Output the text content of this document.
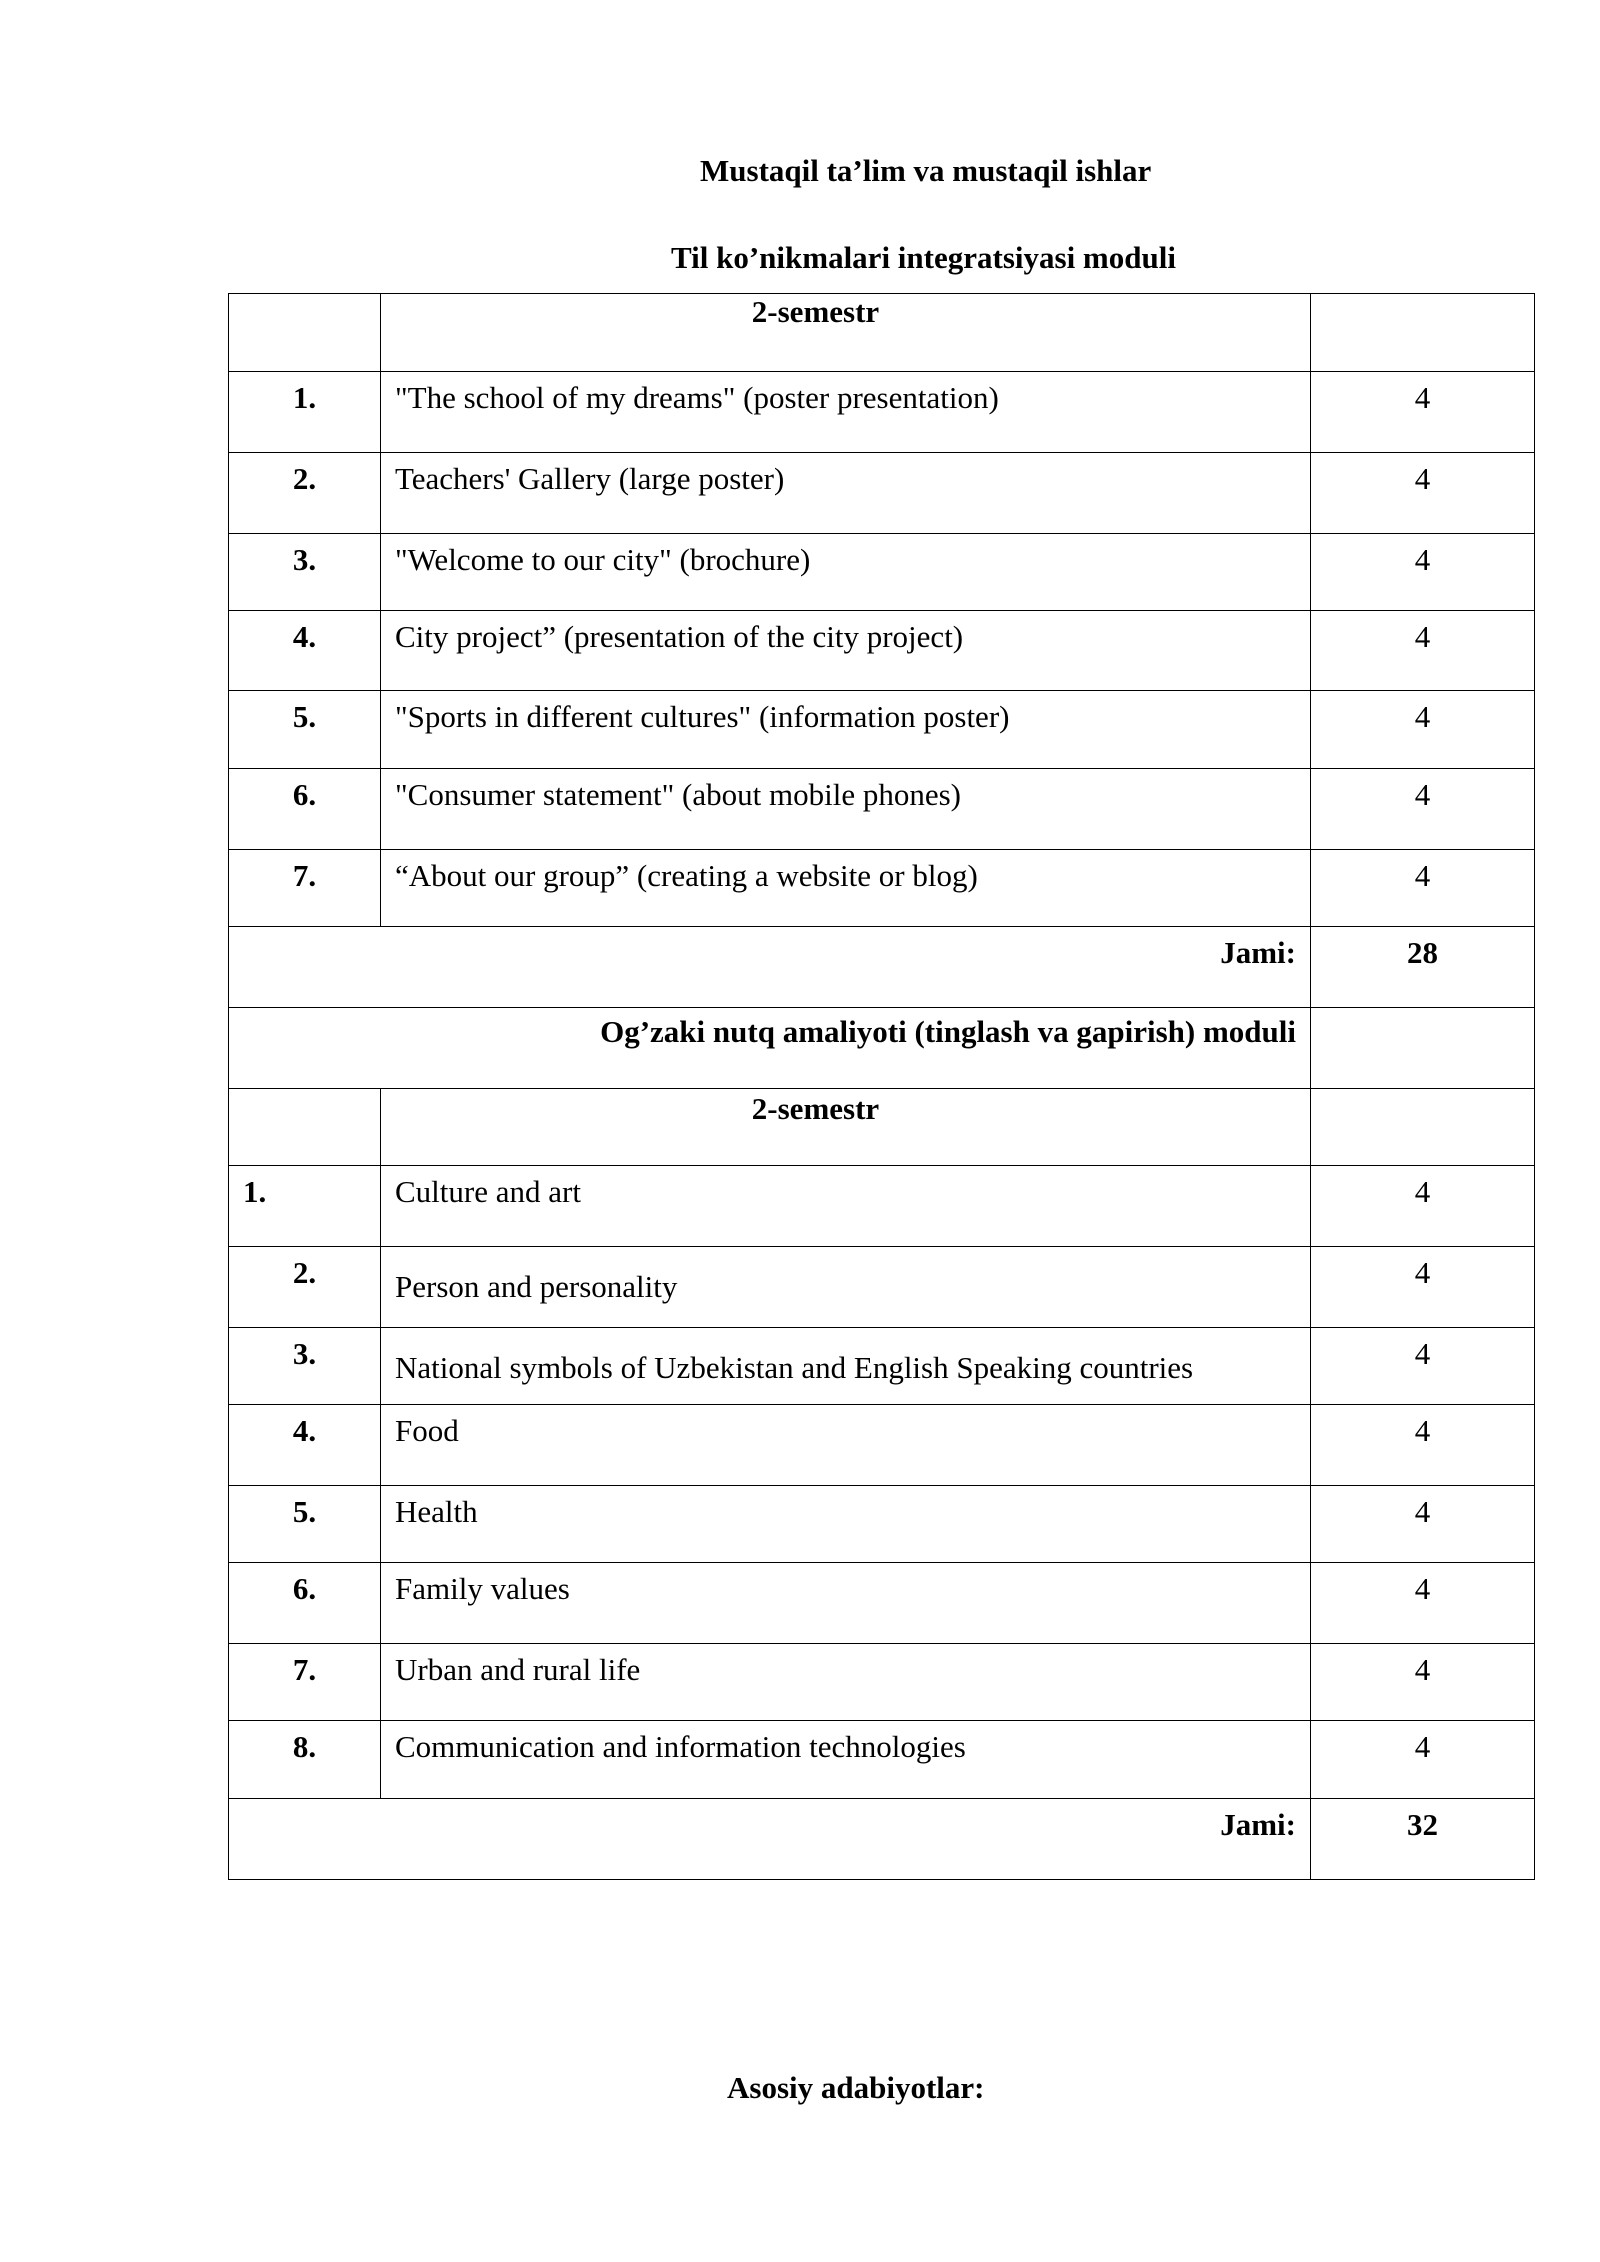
Mustaqil ta’lim va mustaqil ishlar
Til ko’nikmalari integratsiyasi moduli
	2-semestr	
1.	"The school of my dreams" (poster presentation)	4
2.	Teachers' Gallery (large poster)	4
3.	"Welcome to our city" (brochure)	4
4.	City project” (presentation of the city project)	4
5.	"Sports in different cultures" (information poster)	4
6.	"Consumer statement" (about mobile phones)	4
7.	“About our group” (creating a website or blog)	4
Jami:		28
Og’zaki nutq amaliyoti (tinglash va gapirish) moduli		
	2-semestr	
1.	Culture and art	4
2.	Person and personality	4
3.	National symbols of Uzbekistan and English Speaking countries	4
4.	Food	4
5.	Health	4
6.	Family values	4
7.	Urban and rural life	4
8.	Communication and information technologies	4
Jami:		32
Asosiy adabiyotlar:
